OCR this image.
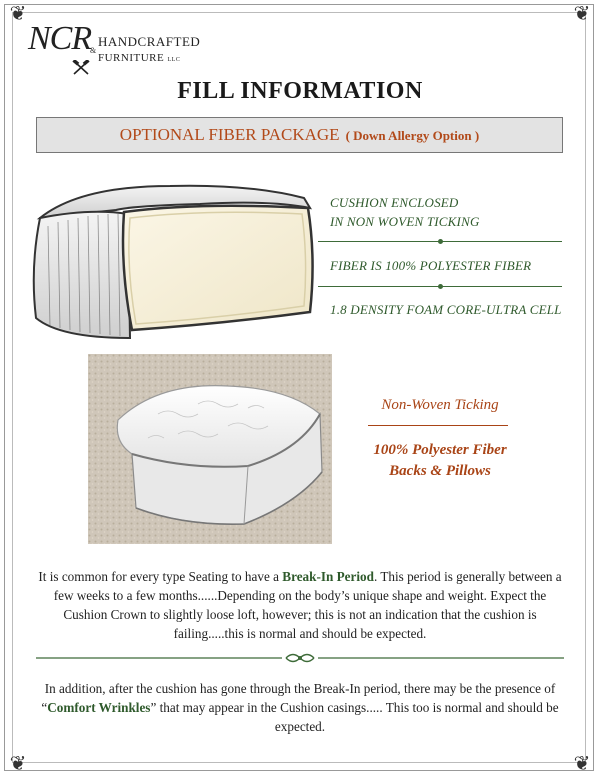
❦	❦
❦	❦
NCR
&
HANDCRAFTED
FURNITURE LLC
FILL INFORMATION
OPTIONAL FIBER PACKAGE ( Down Allergy Option )
CUSHION ENCLOSED
IN NON WOVEN TICKING
FIBER IS 100% POLYESTER FIBER
1.8 DENSITY FOAM CORE-ULTRA CELL
Non-Woven Ticking
100% Polyester Fiber
Backs & Pillows
It is common for every type Seating to have a Break-In Period. This period is generally between a few weeks to a few months......Depending on the body’s unique shape and weight. Expect the Cushion Crown to slightly loose loft, however; this is not an indication that the cushion is failing.....this is normal and should be expected.
In addition, after the cushion has gone through the Break-In period, there may be the presence of “Comfort Wrinkles” that may appear in the Cushion casings..... This too is normal and should be expected.
